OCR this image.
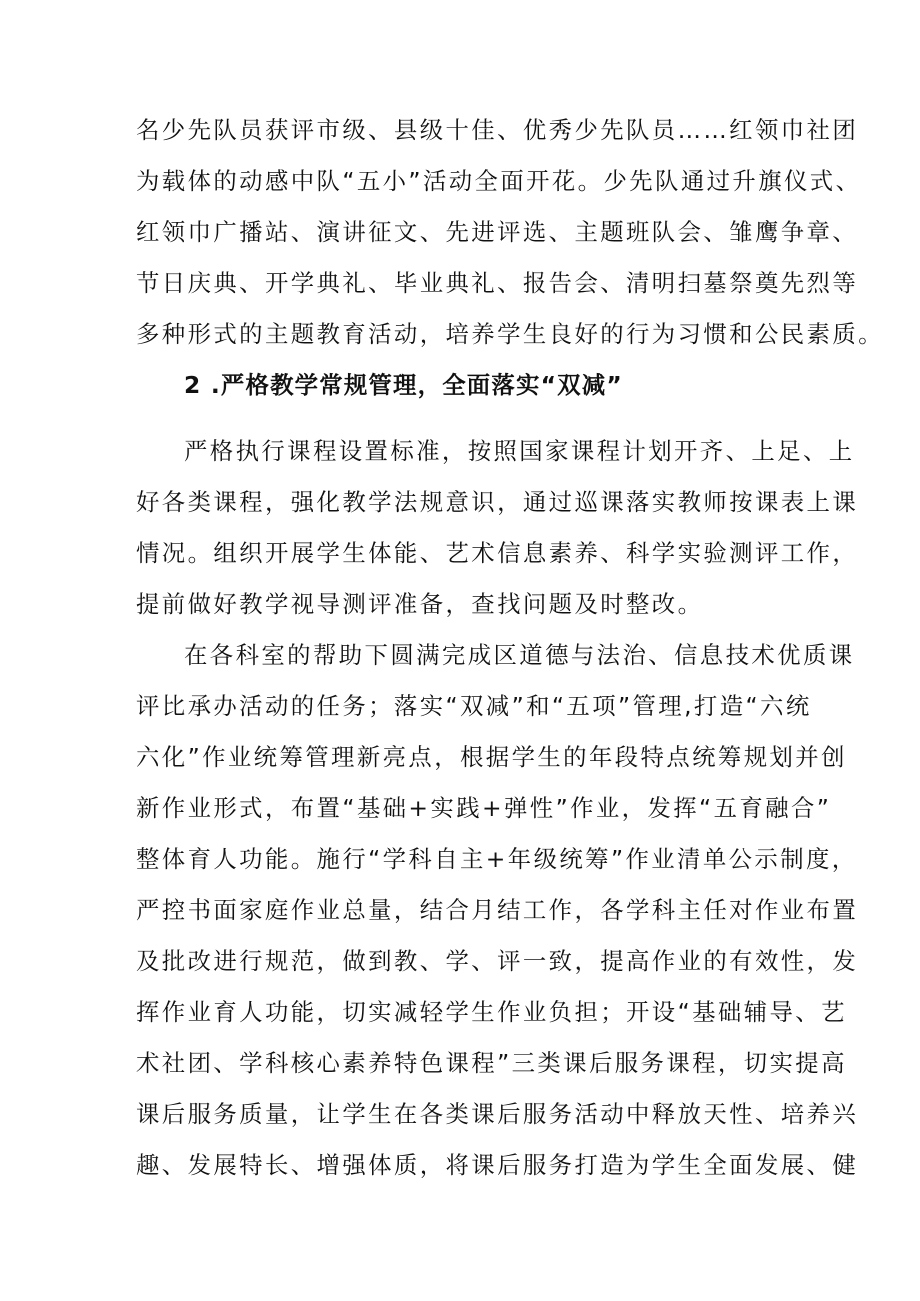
名少先队员获评市级、县级十佳、优秀少先队员……红领巾社团
为载体的动感中队“五小”活动全面开花。少先队通过升旗仪式、
红领巾广播站、演讲征文、先进评选、主题班队会、雏鹰争章、
节日庆典、开学典礼、毕业典礼、报告会、清明扫墓祭奠先烈等
多种形式的主题教育活动，培养学生良好的行为习惯和公民素质。
2 .严格教学常规管理，全面落实“双减”
严格执行课程设置标准，按照国家课程计划开齐、上足、上
好各类课程，强化教学法规意识，通过巡课落实教师按课表上课
情况。组织开展学生体能、艺术信息素养、科学实验测评工作，
提前做好教学视导测评准备，查找问题及时整改。
在各科室的帮助下圆满完成区道德与法治、信息技术优质课
评比承办活动的任务；落实“双减”和“五项”管理,打造“六统
六化”作业统筹管理新亮点，根据学生的年段特点统筹规划并创
新作业形式，布置“基础+实践+弹性”作业，发挥“五育融合”
整体育人功能。施行“学科自主+年级统筹”作业清单公示制度，
严控书面家庭作业总量，结合月结工作，各学科主任对作业布置
及批改进行规范，做到教、学、评一致，提高作业的有效性，发
挥作业育人功能，切实减轻学生作业负担；开设“基础辅导、艺
术社团、学科核心素养特色课程”三类课后服务课程，切实提高
课后服务质量，让学生在各类课后服务活动中释放天性、培养兴
趣、发展特长、增强体质，将课后服务打造为学生全面发展、健
